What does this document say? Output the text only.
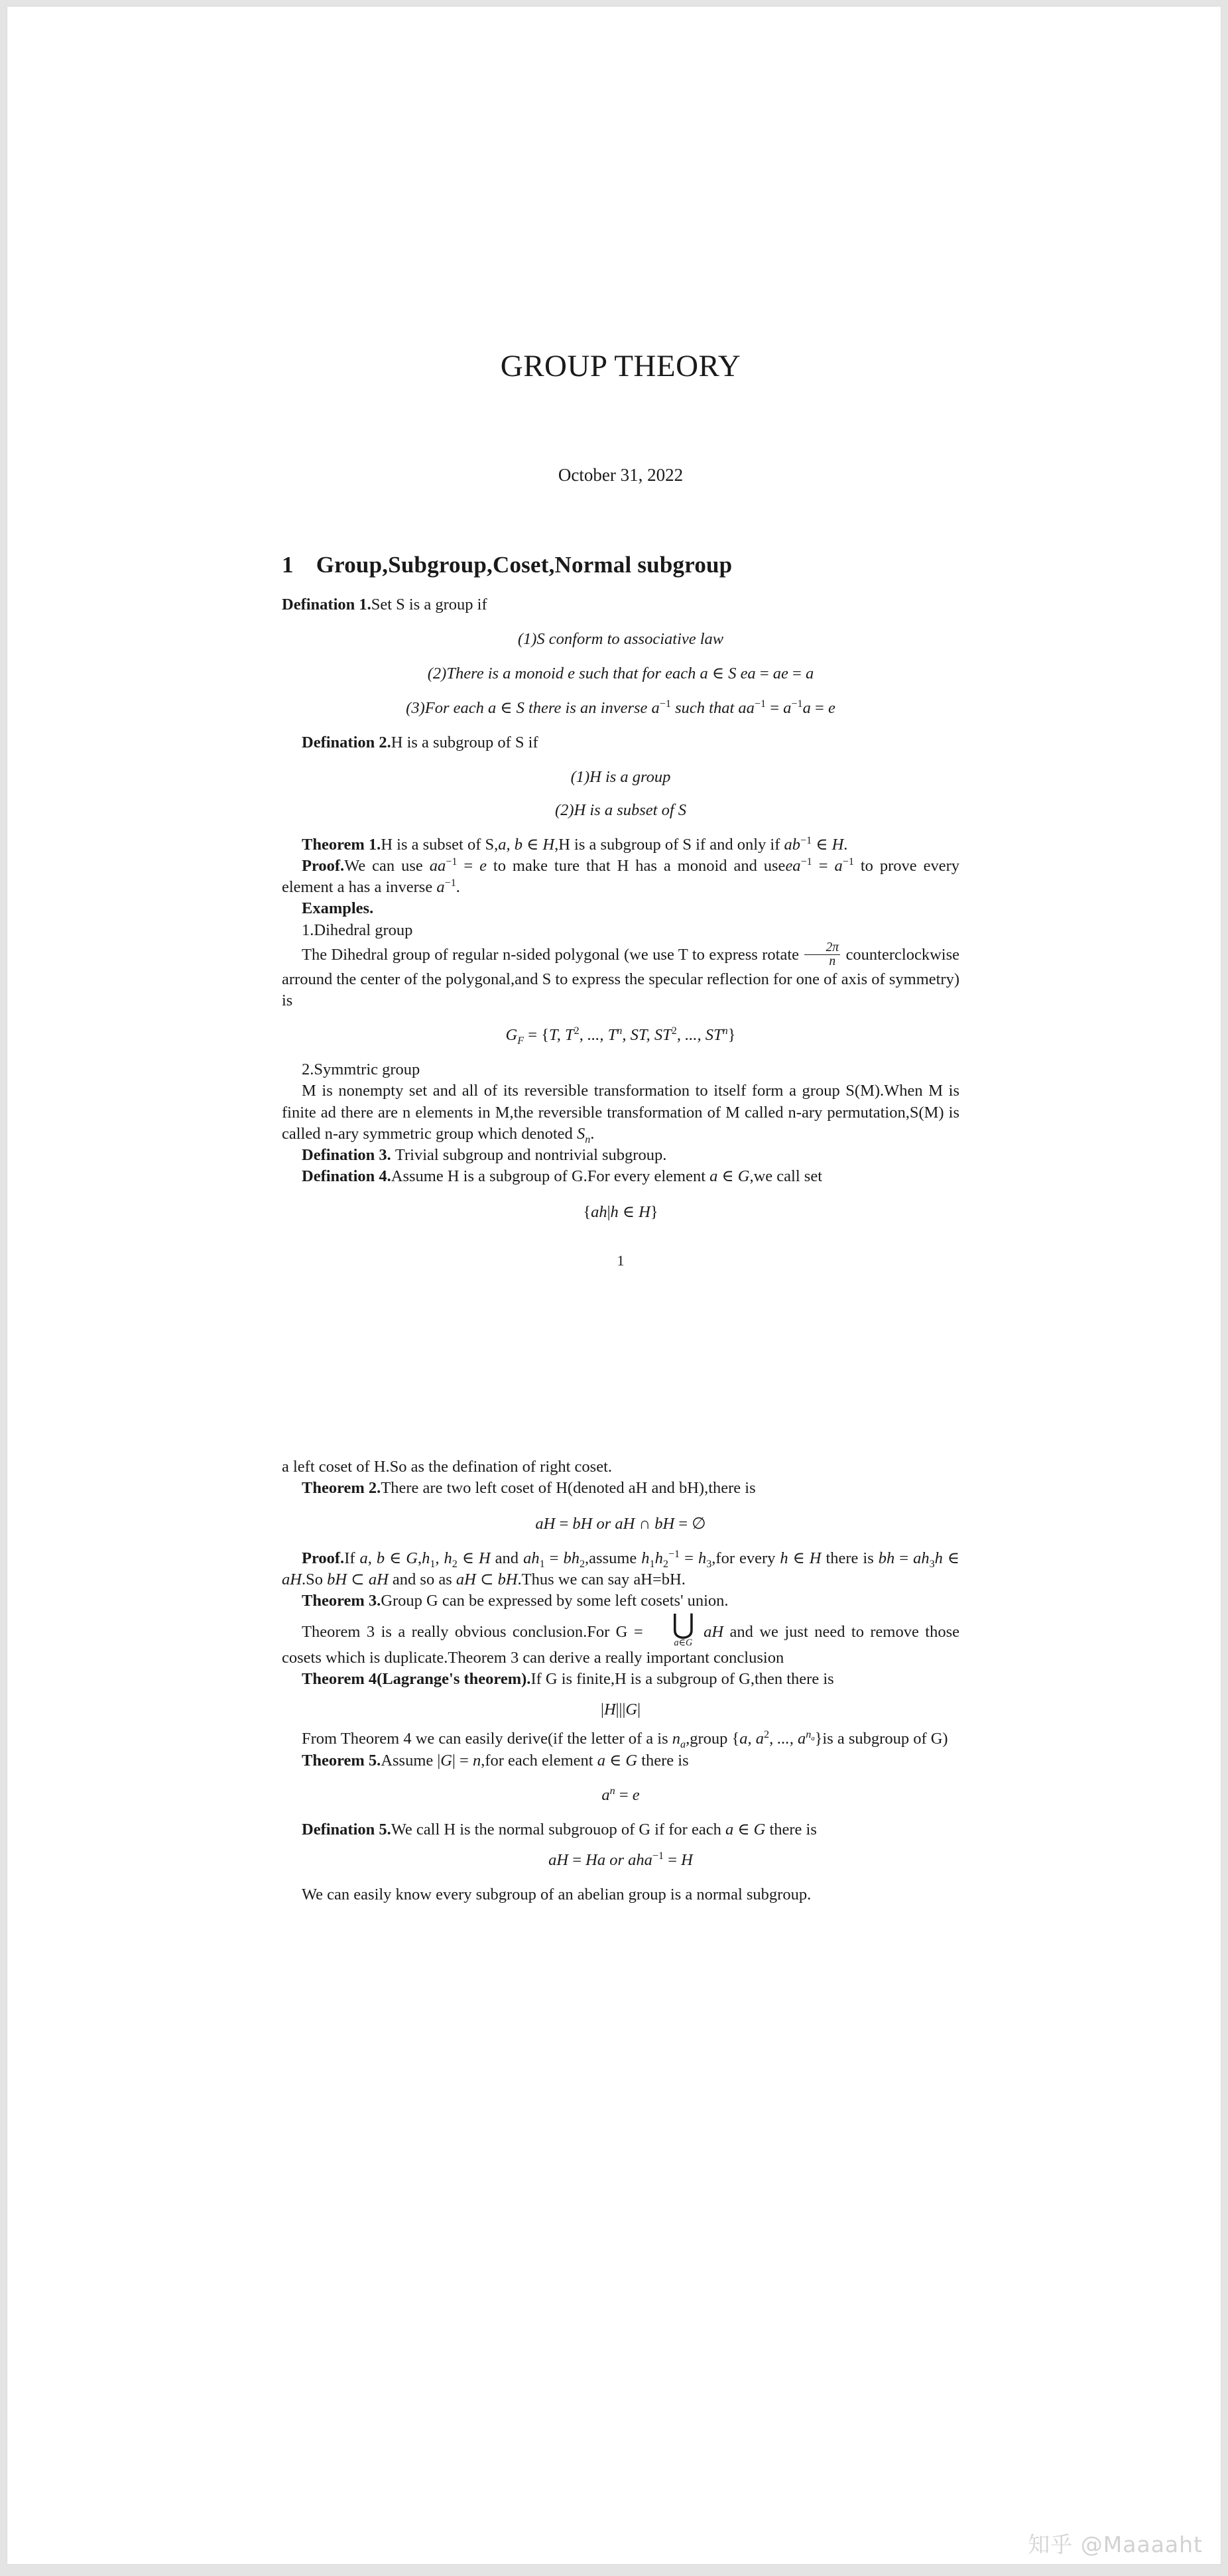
GROUP THEORY
October 31, 2022
1 Group,Subgroup,Coset,Normal subgroup

Defination 1.Set S is a group if

(1)S conform to associative law
(2)There is a monoid e such that for each a ∈ S ea = ae = a
(3)For each a ∈ S there is an inverse $a^{-1}$ such that $aa^{-1} = a^{-1}a = e$

Defination 2.H is a subgroup of S if

(1)H is a group
(2)H is a subset of S

Theorem 1.H is a subset of S,a, b ∈ H,H is a subgroup of S if and only if $ab^{-1}$ ∈ H.

Proof.We can use $aa^{-1} = e$ to make ture that H has a monoid and useea$^{-1}$ = $a^{-1}$ to prove every element a has a inverse $a^{-1}$.

Examples.

1.Dihedral group

The Dihedral group of regular n-sided polygonal (we use T to express rotate $\frac{2\pi}{n}$ counterclockwise arround the center of the polygonal,and S to express the specular reflection for one of axis of symmetry) is

$G_F = \{T$, $T^2$, ..., $T^n$, ST, $ST^2$, ..., $ST^n$}

2.Symmtric group

M is nonempty set and all of its reversible transformation to itself form a group S(M).When M is finite ad there are n elements in M,the reversible transformation of M called n-ary permutation,S(M) is called n-ary symmetric group which denoted $S_n$.

Defination 3. Trivial subgroup and nontrivial subgroup.

Defination 4.Assume H is a subgroup of G.For every element a ∈ G,we call set

{ah|h ∈ H}
1

a left coset of H.So as the defination of right coset.

Theorem 2.There are two left coset of H(denoted aH and bH),there is

aH = bH or aH ∩ bH = ∅

Proof.If a, b ∈ $G,h_1$, $h_2$ ∈ H and $ah_1$ = $bh_2,assume$ $h_1h_2^{-1} = h_3,for$ every h ∈ H there is bh = $ah_3h$ ∈ aH.So bH ⊂ aH and so as aH ⊂ bH.Thus we can say aH=bH.

Theorem 3.Group G can be expressed by some left cosets' union.

Theorem 3 is a really obvious conclusion.For G =	⋃
a∈G
aH and we just need to remove those cosets which is duplicate.Theorem 3 can derive a really important conclusion

Theorem 4(Lagrange's theorem).If G is finite,H is a subgroup of G,then there is

|H|||G|

From Theorem 4 we can easily derive(if the letter of a is $n_a,group$ {a, $a^2$, ..., $a^{n_a}\}is$ a subgroup of G)

Theorem 5.Assume |G| = n,for each element a ∈ G there is

$a^n = e$

Defination 5.We call H is the normal subgrouop of G if for each a ∈ G there is

aH = Ha or aha$^{-1}$ = H

We can easily know every subgroup of an abelian group is a normal subgroup.

知乎 @Maaaaht
